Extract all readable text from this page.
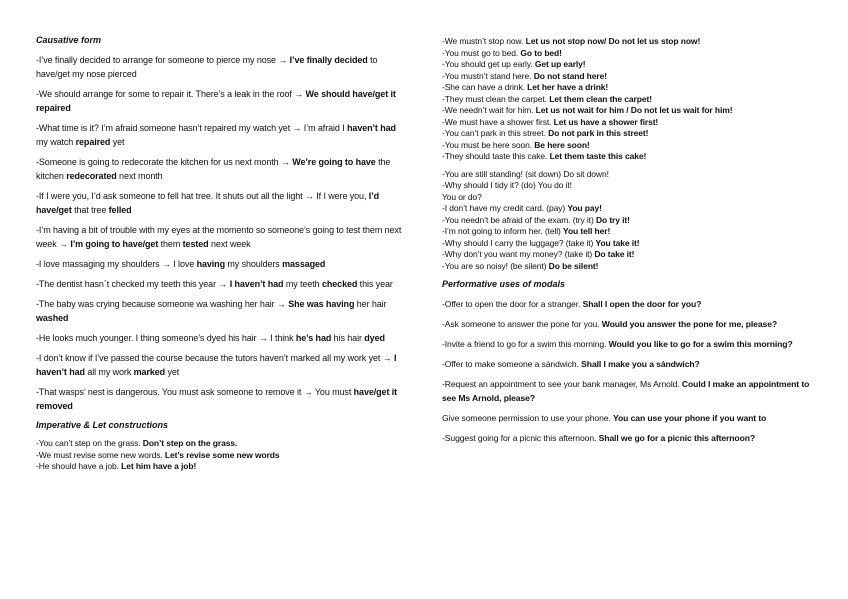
Causative form
-I’ve finally decided to arrange for someone to pierce my nose → I’ve finally decided to have/get my nose pierced
-We should arrange for some to repair it. There’s a leak in the roof → We should have/get it repaired
-What time is it? I’m afraid someone hasn’t repaired my watch yet → I’m afraid I haven’t had my watch repaired yet
-Someone is going to redecorate the kitchen for us next month → We’re going to have the kitchen redecorated next month
-If I were you, I’d ask someone to fell hat tree. It shuts out all the light → If I were you, I’d have/get that tree felled
-I’m having a bit of trouble with my eyes at the momento so someone’s going to test them next week → I’m going to have/get them tested next week
-I love massaging my shoulders → I love having my shoulders massaged
-The dentist hasn´t checked my teeth this year → I haven’t had my teeth checked this year
-The baby was crying because someone wa washing her hair → She was having her hair washed
-He looks much younger. I thing someone’s dyed his hair → I think he’s had his hair dyed
-I don’t know if I’ve passed the course because the tutors haven’t marked all my work yet → I haven’t had all my work marked yet
-That wasps’ nest is dangerous. You must ask someone to remove it → You must have/get it removed
Imperative & Let constructions
-You can’t step on the grass. Don’t step on the grass.
-We must revise some new words. Let’s revise some new words
-He should have a job. Let him have a job!
-We mustn’t stop now. Let us not stop now/ Do not let us stop now!
-You must go to bed. Go to bed!
-You should get up early. Get up early!
-You mustn’t stand here. Do not stand here!
-She can have a drink. Let her have a drink!
-They must clean the carpet. Let them clean the carpet!
-We needn’t wait for him. Let us not wait for him / Do not let us wait for him!
-We must have a shower first. Let us have a shower first!
-You can’t park in this street. Do not park in this street!
-You must be here soon. Be here soon!
-They should taste this cake. Let them taste this cake!
-You are still standing! (sit down) Do sit down!
-Why should I tidy it? (do) You do it!
You or do?
-I don’t have my credit card. (pay) You pay!
-You needn’t be afraid of the exam. (try it) Do try it!
-I’m not going to inform her. (tell) You tell her!
-Why should I carry the luggage? (take it) You take it!
-Why don’t you want my money? (take it) Do take it!
-You are so noisy! (be silent) Do be silent!
Performative uses of modals
-Offer to open the door for a stranger. Shall I open the door for you?
-Ask someone to answer the pone for you. Would you answer the pone for me, please?
-Invite a friend to go for a swim this morning. Would you like to go for a swim this morning?
-Offer to make someone a sándwich. Shall I make you a sándwich?
-Request an appointment to see your bank manager, Ms Arnold. Could I make an appointment to see Ms Arnold, please?
Give someone permission to use your phone. You can use your phone if you want to
-Suggest going for a picnic this afternoon. Shall we go for a picnic this afternoon?
